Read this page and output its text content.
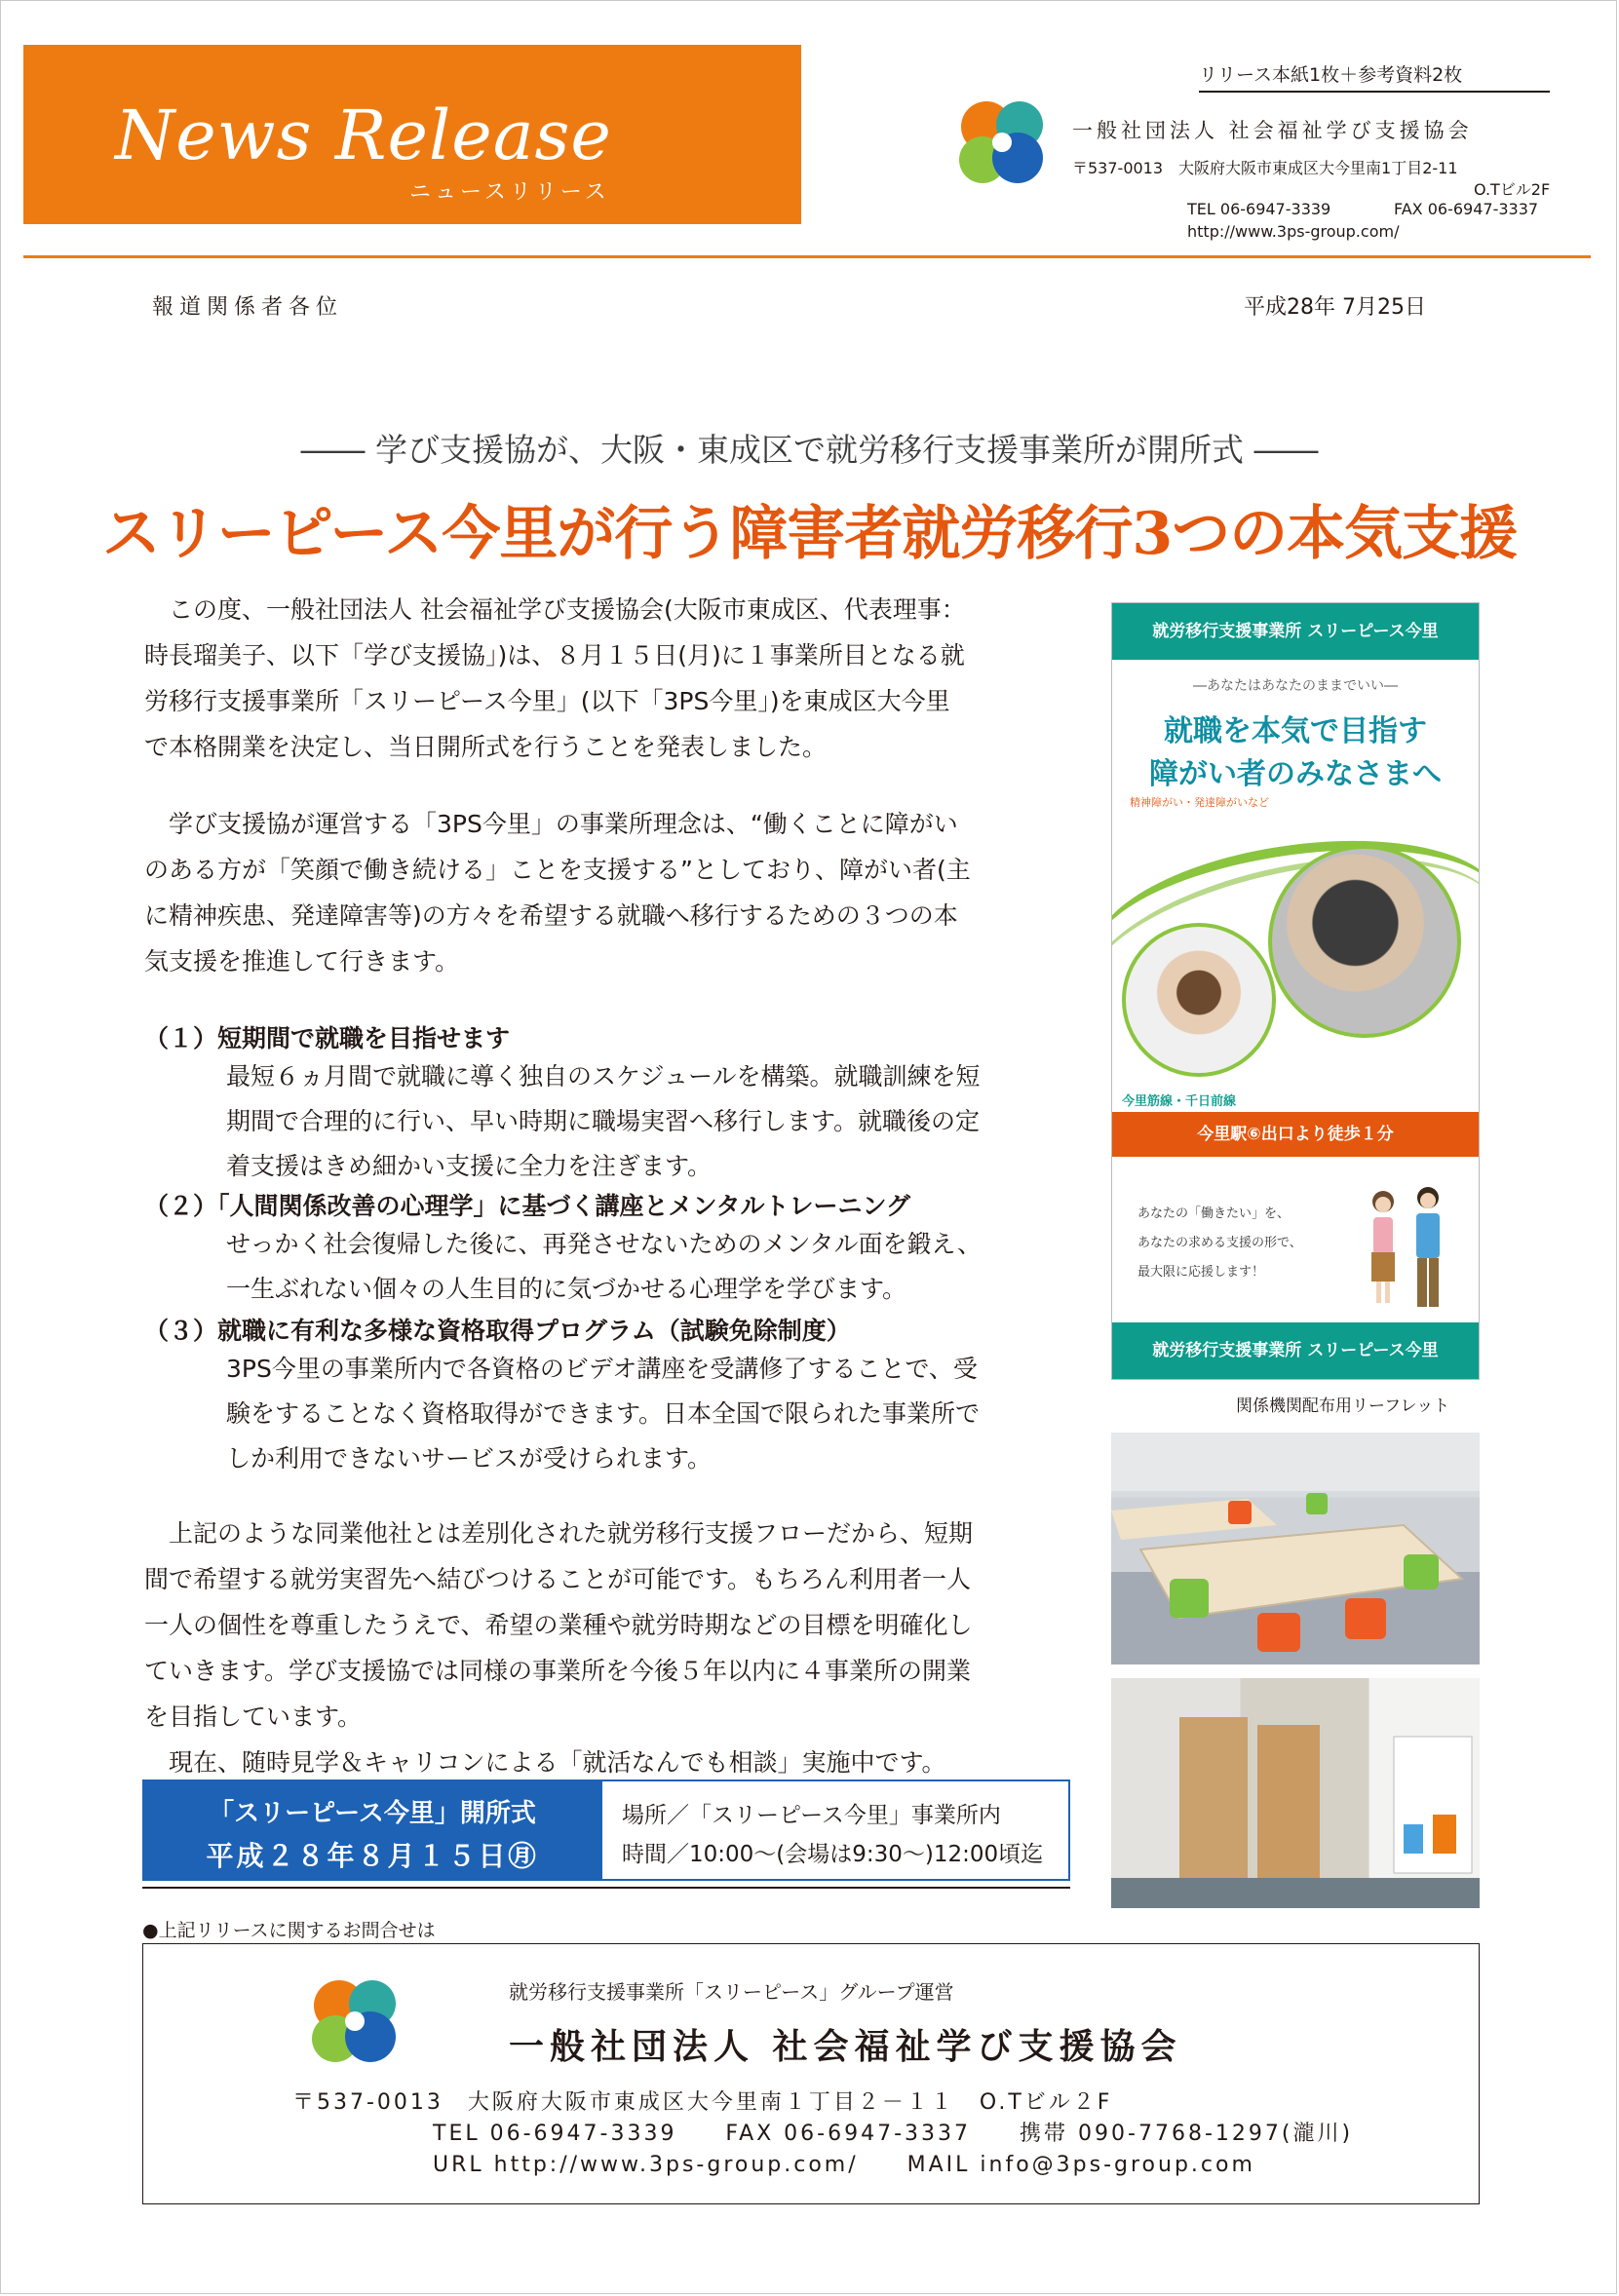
News Release
ニュースリリース
リリース本紙1枚＋参考資料2枚
一般社団法人 社会福祉学び支援協会
〒537-0013　大阪府大阪市東成区大今里南1丁目2-11
O.Tビル2F
TEL 06-6947-3339	FAX 06-6947-3337
http://www.3ps-group.com/
報道関係者各位	平成28年 7月25日
―― 学び支援協が、大阪・東成区で就労移行支援事業所が開所式 ――
スリーピース今里が行う障害者就労移行3つの本気支援

　この度、一般社団法人 社会福祉学び支援協会(大阪市東成区、代表理事：

時長瑠美子、以下「学び支援協」)は、８月１５日(月)に１事業所目となる就

労移行支援事業所「スリーピース今里」(以下「3PS今里」)を東成区大今里

で本格開業を決定し、当日開所式を行うことを発表しました。

　学び支援協が運営する「3PS今里」の事業所理念は、“働くことに障がい

のある方が「笑顔で働き続ける」ことを支援する”としており、障がい者(主

に精神疾患、発達障害等)の方々を希望する就職へ移行するための３つの本

気支援を推進して行きます。

（１）短期間で就職を目指せます
最短６ヵ月間で就職に導く独自のスケジュールを構築。就職訓練を短
期間で合理的に行い、早い時期に職場実習へ移行します。就職後の定
着支援はきめ細かい支援に全力を注ぎます。
（２）「人間関係改善の心理学」に基づく講座とメンタルトレーニング
せっかく社会復帰した後に、再発させないためのメンタル面を鍛え、
一生ぶれない個々の人生目的に気づかせる心理学を学びます。
（３）就職に有利な多様な資格取得プログラム（試験免除制度）
3PS今里の事業所内で各資格のビデオ講座を受講修了することで、受
験をすることなく資格取得ができます。日本全国で限られた事業所で
しか利用できないサービスが受けられます。

　上記のような同業他社とは差別化された就労移行支援フローだから、短期

間で希望する就労実習先へ結びつけることが可能です。もちろん利用者一人

一人の個性を尊重したうえで、希望の業種や就労時期などの目標を明確化し

ていきます。学び支援協では同様の事業所を今後５年以内に４事業所の開業

を目指しています。

　現在、随時見学＆キャリコンによる「就活なんでも相談」実施中です。

「スリーピース今里」開所式
平成２８年８月１５日㊊
場所／「スリーピース今里」事業所内
時間／10:00～(会場は9:30～)12:00頃迄
就労移行支援事業所 スリーピース今里
―あなたはあなたのままでいい―
就職を本気で目指す
障がい者のみなさまへ
精神障がい・発達障がいなど
今里筋線・千日前線
今里駅⑥出口より徒歩１分
あなたの「働きたい」を、
あなたの求める支援の形で、
最大限に応援します！
就労移行支援事業所 スリーピース今里
関係機関配布用リーフレット
●上記リリースに関するお問合せは
就労移行支援事業所「スリーピース」グループ運営
一般社団法人 社会福祉学び支援協会
〒537-0013　大阪府大阪市東成区大今里南１丁目２－１１　O.Tビル２F
TEL 06-6947-3339　　FAX 06-6947-3337　　携帯 090-7768-1297(瀧川)
URL http://www.3ps-group.com/　　MAIL info@3ps-group.com
